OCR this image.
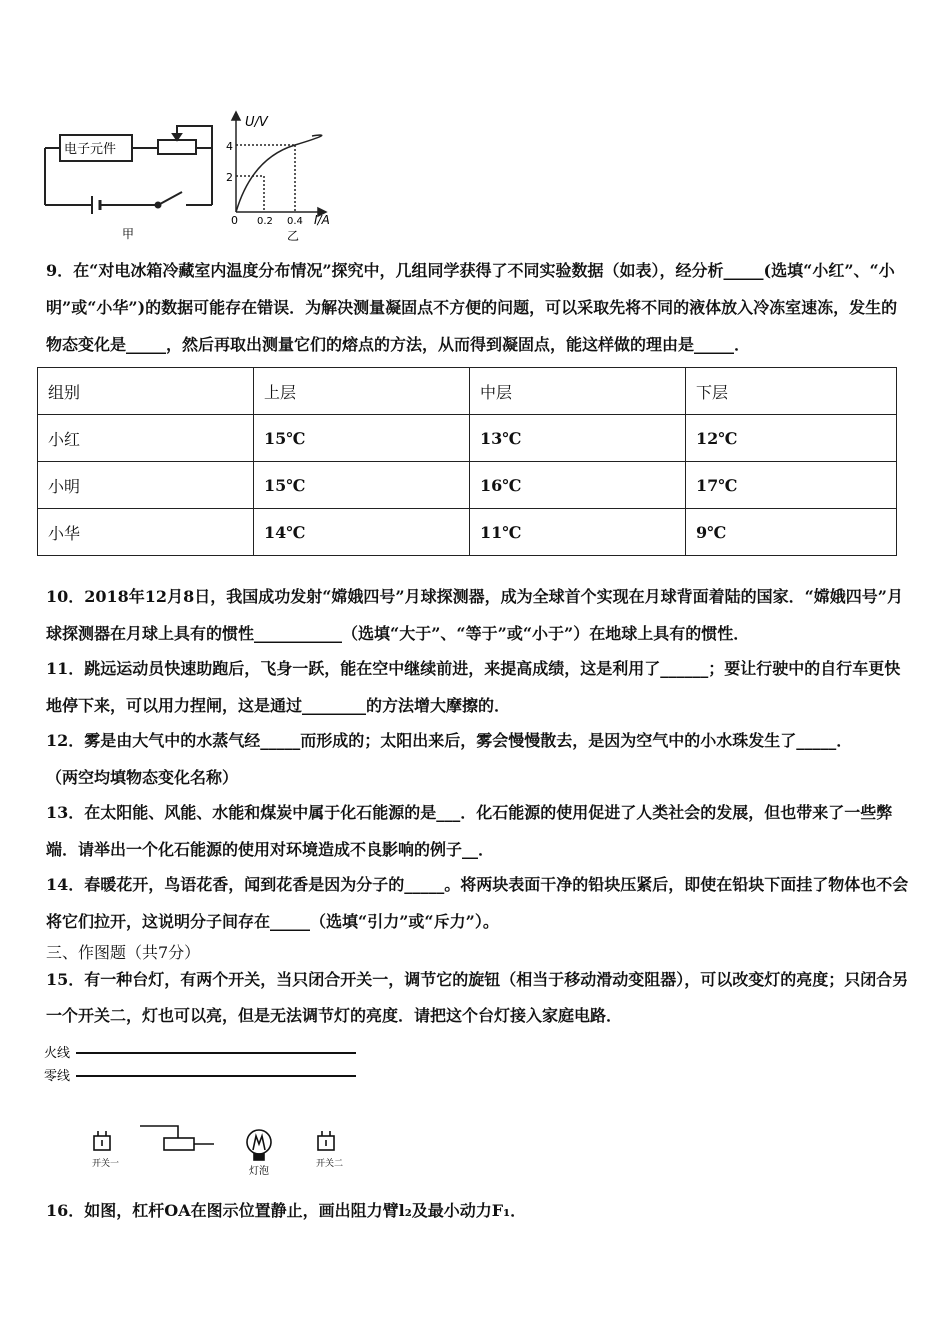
电子元件
甲
U/V
4
2
0 0.2 0.4 I/A
乙

9．在“对电冰箱冷藏室内温度分布情况”探究中，几组同学获得了不同实验数据（如表），经分析_____(选填“小红”、“小明”或“小华”)的数据可能存在错误．为解决测量凝固点不方便的问题，可以采取先将不同的液体放入冷冻室速冻，发生的物态变化是_____，然后再取出测量它们的熔点的方法，从而得到凝固点，能这样做的理由是_____．

组别	上层	中层	下层
小红	15℃	13℃	12℃
小明	15℃	16℃	17℃
小华	14℃	11℃	9℃

10．2018年12月8日，我国成功发射“嫦娥四号”月球探测器，成为全球首个实现在月球背面着陆的国家．“嫦娥四号”月球探测器在月球上具有的惯性___________（选填“大于”、“等于”或“小于”）在地球上具有的惯性．

11．跳远运动员快速助跑后，飞身一跃，能在空中继续前进，来提高成绩，这是利用了______；要让行驶中的自行车更快地停下来，可以用力捏闸，这是通过________的方法增大摩擦的．

12．雾是由大气中的水蒸气经_____而形成的；太阳出来后，雾会慢慢散去，是因为空气中的小水珠发生了_____．

（两空均填物态变化名称）

13．在太阳能、风能、水能和煤炭中属于化石能源的是___．化石能源的使用促进了人类社会的发展，但也带来了一些弊端．请举出一个化石能源的使用对环境造成不良影响的例子__．

14．春暖花开，鸟语花香，闻到花香是因为分子的_____。将两块表面干净的铅块压紧后，即使在铅块下面挂了物体也不会将它们拉开，这说明分子间存在_____（选填“引力”或“斥力”）。

三、作图题（共7分）

15．有一种台灯，有两个开关，当只闭合开关一，调节它的旋钮（相当于移动滑动变阻器），可以改变灯的亮度；只闭合另一个开关二，灯也可以亮，但是无法调节灯的亮度．请把这个台灯接入家庭电路．

火线
零线
开关一
灯泡
开关二

16．如图，杠杆OA在图示位置静止，画出阻力臂l₂及最小动力F₁．
